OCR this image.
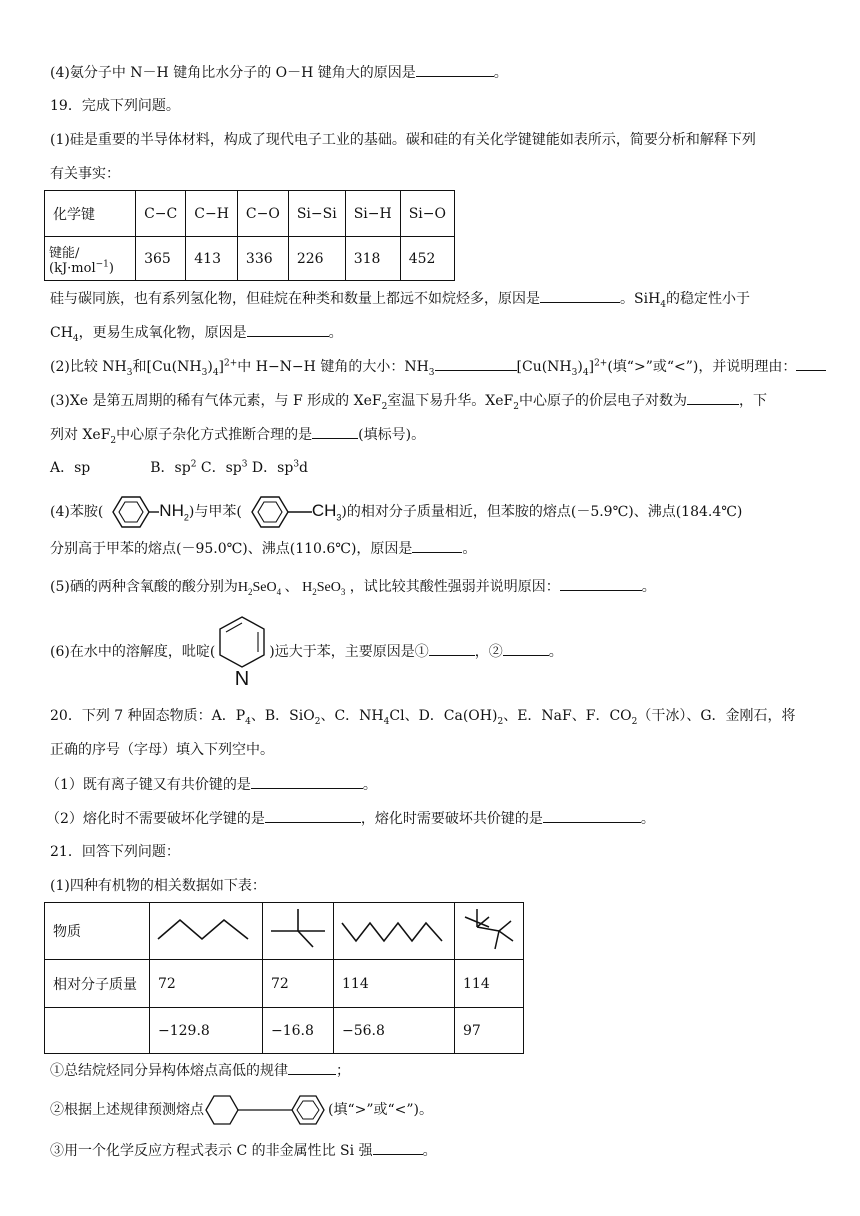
(4)氨分子中 N－H 键角比水分子的 O－H 键角大的原因是	。
19．完成下列问题。
(1)硅是重要的半导体材料，构成了现代电子工业的基础。碳和硅的有关化学键键能如表所示，简要分析和解释下列
有关事实：
化学键	C−C	C−H	C−O	Si−Si	Si−H	Si−O
键能/ (kJ·mol$^{-1}$)	365	413	336	226	318	452
硅与碳同族，也有系列氢化物，但硅烷在种类和数量上都远不如烷烃多，原因是	。SiH$_4$的稳定性小于
$CH_4$，更易生成氧化物，原因是	。
(2)比较 $NH_3$和$[Cu(NH_3)_4]^{2+}$中 H−N−H 键角的大小：$NH_3$	$[Cu(NH_3)_4]^{2+}$(填“>”或“<”)，并说明理由：
(3)Xe 是第五周期的稀有气体元素，与 F 形成的 XeF$_2$室温下易升华。XeF$_2$中心原子的价层电子对数为	，下
列对 XeF$_2$中心原子杂化方式推断合理的是	(填标号)。
A．sp	B．$sp^2$ C．$sp^3$ D．$sp^3d$
(4)苯胺(	$NH_2$)与甲苯(	$CH_3$)的相对分子质量相近，但苯胺的熔点(－5.9℃)、沸点(184.4℃)
分别高于甲苯的熔点(－95.0℃)、沸点(110.6℃)，原因是	。
(5)硒的两种含氧酸的酸分别为$H_2SeO_4$ 、 $H_2SeO_3$ ，试比较其酸性强弱并说明原因：	。
(6)在水中的溶解度，吡啶(
N
)远大于苯，主要原因是①	，②	。
20．下列 7 种固态物质：A．$P_4$、B．SiO$_2$、C．$NH_4Cl$、D．$Ca(OH)_2$、E．NaF、F．$CO_2$（干冰）、G．金刚石，将
正确的序号（字母）填入下列空中。
（1）既有离子键又有共价键的是	。
（2）熔化时不需要破坏化学键的是	，熔化时需要破坏共价键的是	。
21．回答下列问题：
(1)四种有机物的相关数据如下表：
物质				
相对分子质量	72	72	114	114
	−129.8	−16.8	−56.8	97
①总结烷烃同分异构体熔点高低的规律	；
②根据上述规律预测熔点	(填“>”或“<”)。
③用一个化学反应方程式表示 C 的非金属性比 Si 强	。
